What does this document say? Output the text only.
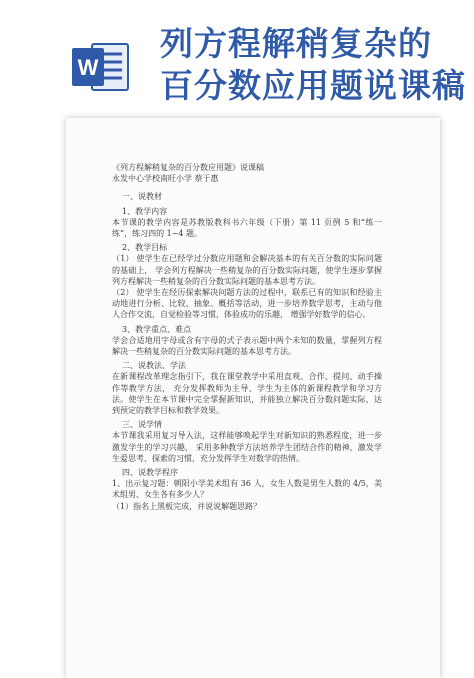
W
列方程解稍复杂的
百分数应用题说课稿

《列方程解稍复杂的百分数应用题》说课稿

永发中心学校南旺小学 蔡于惠

一、说教材

1、教学内容

本节课的教学内容是苏教版教科书六年级（下册）第 11 页例 5 和“练一练”，练习四的 1~4 题。

2、教学目标

（1） 使学生在已经学过分数应用题和会解决基本的有关百分数的实际问题的基础上， 学会列方程解决一些稍复杂的百分数实际问题，使学生逐步掌握列方程解决一些稍复杂的百分数实际问题的基本思考方法。

（2） 使学生在经历探索解决问题方法的过程中，联系已有的知识和经验主动地进行分析、比较、抽象、概括等活动，进一步培养数学思考，主动与他人合作交流，自觉检验等习惯，体验成功的乐趣， 增强学好数学的信心。

3、教学重点、难点

学会合适地用字母或含有字母的式子表示题中两个未知的数量，掌握列方程解决一些稍复杂的百分数实际问题的基本思考方法。

二、说教法、学法

在新课程改革理念指引下，我在课堂教学中采用直观、合作、提问、动手操作等教学方法， 充分发挥教师为主导、学生为主体的新课程教学和学习方法。使学生在本节课中完全掌握新知识，并能独立解决百分数问题实际，达到预定的教学目标和教学效果。

三、说学情

本节课我采用复习导入法，这样能够唤起学生对新知识的熟悉程度，进一步激发学生的学习兴趣， 采用多种教学方法培养学生团结合作的精神，激发学生爱思考、探索的习惯，充分发挥学生对数学的热情。

四、说教学程序

1、出示复习题：朝阳小学美术组有 36 人，女生人数是男生人数的 4/5，美术组男、女生各有多少人？

（1）指名上黑板完成，并说说解题思路？
